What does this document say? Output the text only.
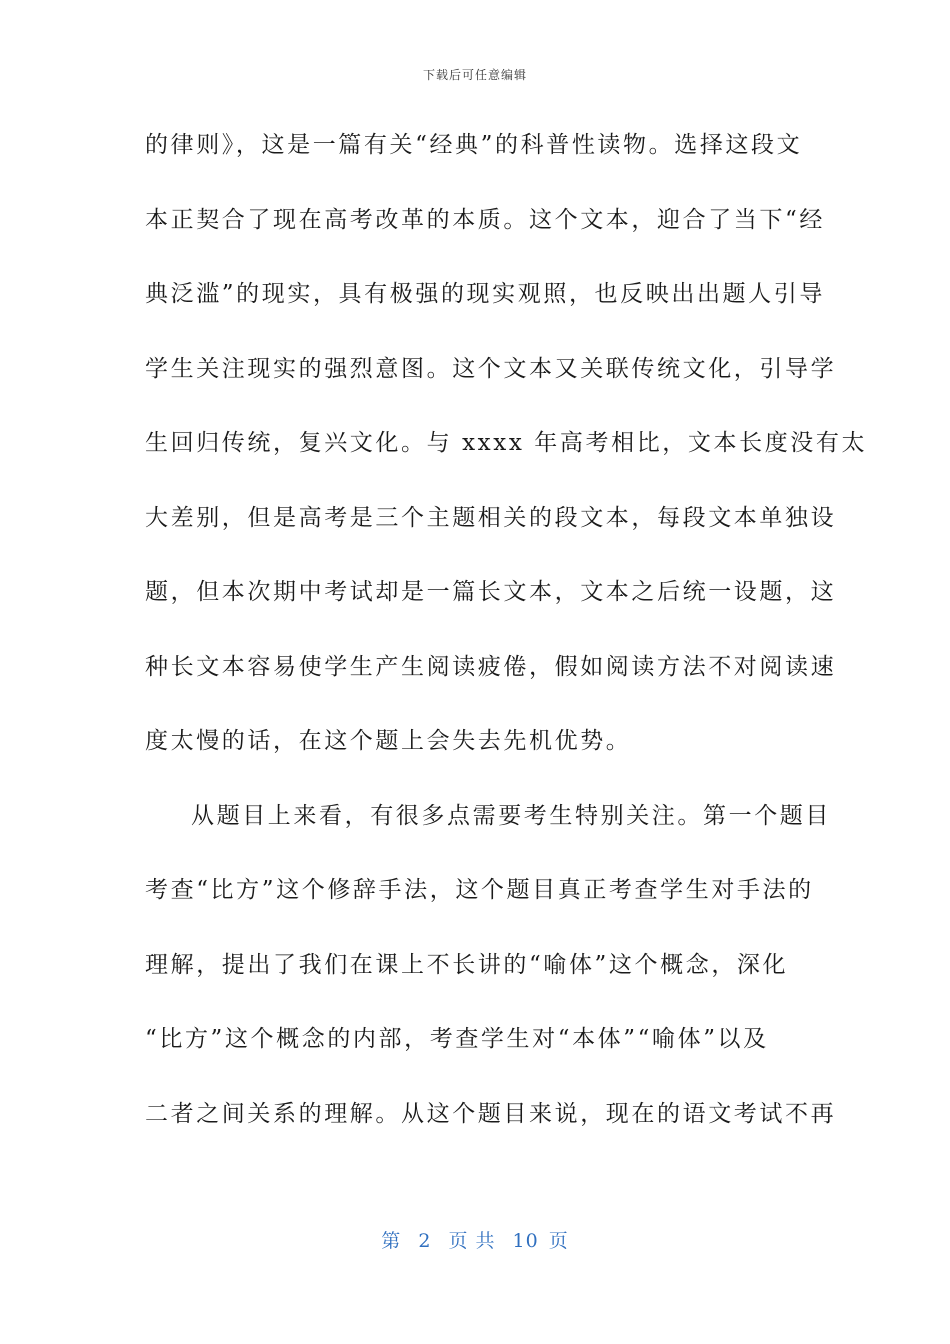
下载后可任意编辑
的律则》，这是一篇有关“经典”的科普性读物。选择这段文
本正契合了现在高考改革的本质。这个文本，迎合了当下“经
典泛滥”的现实，具有极强的现实观照，也反映出出题人引导
学生关注现实的强烈意图。这个文本又关联传统文化，引导学
生回归传统，复兴文化。与 xxxx 年高考相比，文本长度没有太
大差别，但是高考是三个主题相关的段文本，每段文本单独设
题，但本次期中考试却是一篇长文本，文本之后统一设题，这
种长文本容易使学生产生阅读疲倦，假如阅读方法不对阅读速
度太慢的话，在这个题上会失去先机优势。
从题目上来看，有很多点需要考生特别关注。第一个题目
考查“比方”这个修辞手法，这个题目真正考查学生对手法的
理解，提出了我们在课上不长讲的“喻体”这个概念，深化
“比方”这个概念的内部，考查学生对“本体”“喻体”以及
二者之间关系的理解。从这个题目来说，现在的语文考试不再
第 2 页 共 10 页
